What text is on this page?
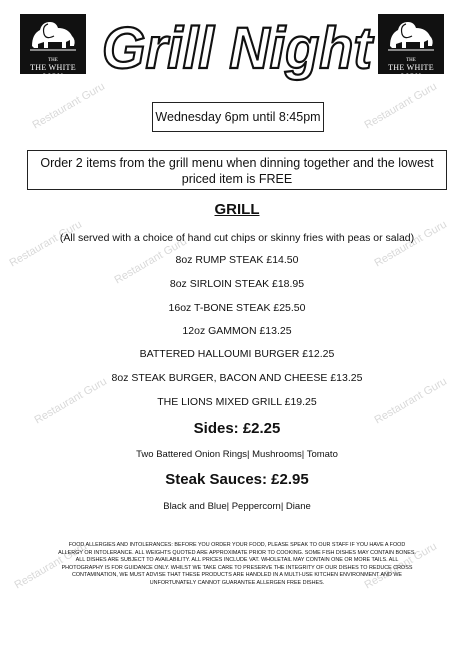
Restaurant Guru	Restaurant Guru
Restaurant Guru
Restaurant Guru	Restaurant Guru
Restaurant Guru	Restaurant Guru
Restaurant Guru	Restaurant Guru
THE
THE WHITE LION
THE
THE WHITE LION
Grill Night
Wednesday 6pm until 8:45pm
Order 2 items from the grill menu when dinning together and the lowest priced item is FREE
GRILL
(All served with a choice of hand cut chips or skinny fries with peas or salad)
8oz RUMP STEAK £14.50
8oz SIRLOIN STEAK £18.95
16oz T-BONE STEAK £25.50
12oz GAMMON £13.25
BATTERED HALLOUMI BURGER £12.25
8oz STEAK BURGER, BACON AND CHEESE £13.25
THE LIONS MIXED GRILL £19.25
Sides: £2.25
Two Battered Onion Rings| Mushrooms| Tomato
Steak Sauces: £2.95
Black and Blue| Peppercorn| Diane
FOOD ALLERGIES AND INTOLERANCES: BEFORE YOU ORDER YOUR FOOD, PLEASE SPEAK TO OUR STAFF IF YOU HAVE A FOOD ALLERGY OR INTOLERANCE. ALL WEIGHTS QUOTED ARE APPROXIMATE PRIOR TO COOKING. SOME FISH DISHES MAY CONTAIN BONES. ALL DISHES ARE SUBJECT TO AVAILABILITY. ALL PRICES INCLUDE VAT. WHOLETAIL MAY CONTAIN ONE OR MORE TAILS. ALL PHOTOGRAPHY IS FOR GUIDANCE ONLY. WHILST WE TAKE CARE TO PRESERVE THE INTEGRITY OF OUR DISHES TO REDUCE CROSS CONTAMINATION, WE MUST ADVISE THAT THESE PRODUCTS ARE HANDLED IN A MULTI-USE KITCHEN ENVIRONMENT AND WE UNFORTUNATELY CANNOT GUARANTEE ALLERGEN FREE DISHES.
